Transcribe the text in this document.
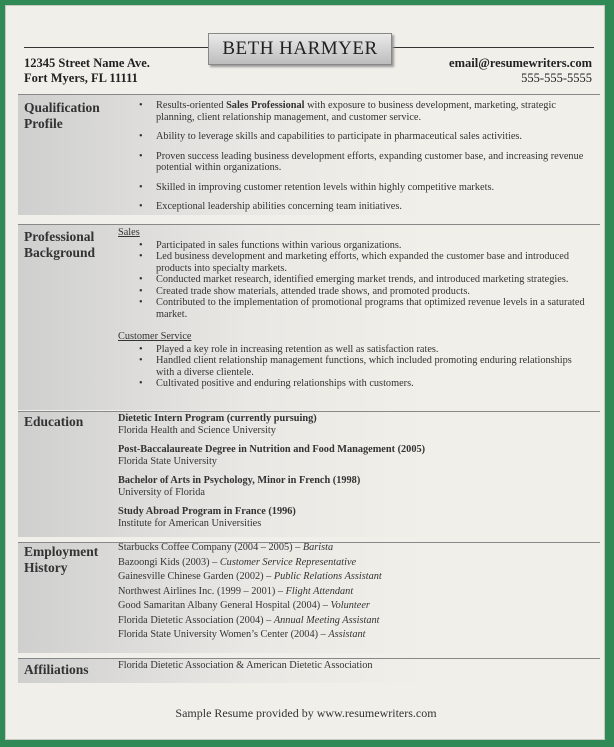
BETH HARMYER
12345 Street Name Ave.
Fort Myers, FL 11111
email@resumewriters.com
555-555-5555
Qualification Profile
• Results-oriented Sales Professional with exposure to business development, marketing, strategic planning, client relationship management, and customer service.
• Ability to leverage skills and capabilities to participate in pharmaceutical sales activities.
• Proven success leading business development efforts, expanding customer base, and increasing revenue potential within organizations.
• Skilled in improving customer retention levels within highly competitive markets.
• Exceptional leadership abilities concerning team initiatives.
Professional Background
Sales
• Participated in sales functions within various organizations.
• Led business development and marketing efforts, which expanded the customer base and introduced products into specialty markets.
• Conducted market research, identified emerging market trends, and introduced marketing strategies.
• Created trade show materials, attended trade shows, and promoted products.
• Contributed to the implementation of promotional programs that optimized revenue levels in a saturated market.
Customer Service
• Played a key role in increasing retention as well as satisfaction rates.
• Handled client relationship management functions, which included promoting enduring relationships with a diverse clientele.
• Cultivated positive and enduring relationships with customers.
Education	Dietetic Intern Program (currently pursuing)
Florida Health and Science University
Post-Baccalaureate Degree in Nutrition and Food Management (2005)
Florida State University
Bachelor of Arts in Psychology, Minor in French (1998)
University of Florida
Study Abroad Program in France (1996)
Institute for American Universities
Employment History
Starbucks Coffee Company (2004 – 2005) – Barista
Bazoongi Kids (2003) – Customer Service Representative
Gainesville Chinese Garden (2002) – Public Relations Assistant
Northwest Airlines Inc. (1999 – 2001) – Flight Attendant
Good Samaritan Albany General Hospital (2004) – Volunteer
Florida Dietetic Association (2004) – Annual Meeting Assistant
Florida State University Women’s Center (2004) – Assistant
Affiliations	Florida Dietetic Association & American Dietetic Association
Sample Resume provided by www.resumewriters.com
